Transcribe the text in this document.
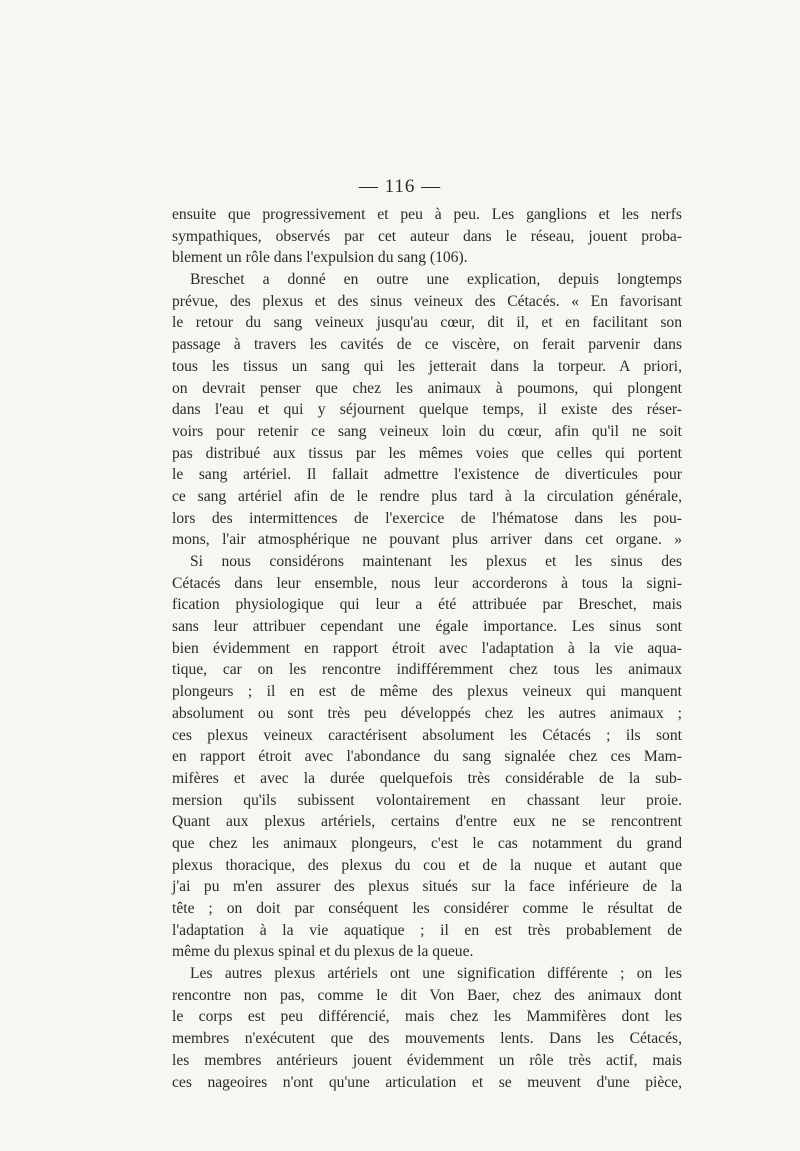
— 116 —
ensuite que progressivement et peu à peu. Les ganglions et les nerfs
sympathiques, observés par cet auteur dans le réseau, jouent proba-
blement un rôle dans l'expulsion du sang (106).
Breschet a donné en outre une explication, depuis longtemps
prévue, des plexus et des sinus veineux des Cétacés. « En favorisant
le retour du sang veineux jusqu'au cœur, dit il, et en facilitant son
passage à travers les cavités de ce viscère, on ferait parvenir dans
tous les tissus un sang qui les jetterait dans la torpeur. A priori,
on devrait penser que chez les animaux à poumons, qui plongent
dans l'eau et qui y séjournent quelque temps, il existe des réser-
voirs pour retenir ce sang veineux loin du cœur, afin qu'il ne soit
pas distribué aux tissus par les mêmes voies que celles qui portent
le sang artériel. Il fallait admettre l'existence de diverticules pour
ce sang artériel afin de le rendre plus tard à la circulation générale,
lors des intermittences de l'exercice de l'hématose dans les pou-
mons, l'air atmosphérique ne pouvant plus arriver dans cet organe. »
Si nous considérons maintenant les plexus et les sinus des
Cétacés dans leur ensemble, nous leur accorderons à tous la signi-
fication physiologique qui leur a été attribuée par Breschet, mais
sans leur attribuer cependant une égale importance. Les sinus sont
bien évidemment en rapport étroit avec l'adaptation à la vie aqua-
tique, car on les rencontre indifféremment chez tous les animaux
plongeurs ; il en est de même des plexus veineux qui manquent
absolument ou sont très peu développés chez les autres animaux ;
ces plexus veineux caractérisent absolument les Cétacés ; ils sont
en rapport étroit avec l'abondance du sang signalée chez ces Mam-
mifères et avec la durée quelquefois très considérable de la sub-
mersion qu'ils subissent volontairement en chassant leur proie.
Quant aux plexus artériels, certains d'entre eux ne se rencontrent
que chez les animaux plongeurs, c'est le cas notamment du grand
plexus thoracique, des plexus du cou et de la nuque et autant que
j'ai pu m'en assurer des plexus situés sur la face inférieure de la
tête ; on doit par conséquent les considérer comme le résultat de
l'adaptation à la vie aquatique ; il en est très probablement de
même du plexus spinal et du plexus de la queue.
Les autres plexus artériels ont une signification différente ; on les
rencontre non pas, comme le dit Von Baer, chez des animaux dont
le corps est peu différencié, mais chez les Mammifères dont les
membres n'exécutent que des mouvements lents. Dans les Cétacés,
les membres antérieurs jouent évidemment un rôle très actif, mais
ces nageoires n'ont qu'une articulation et se meuvent d'une pièce,
